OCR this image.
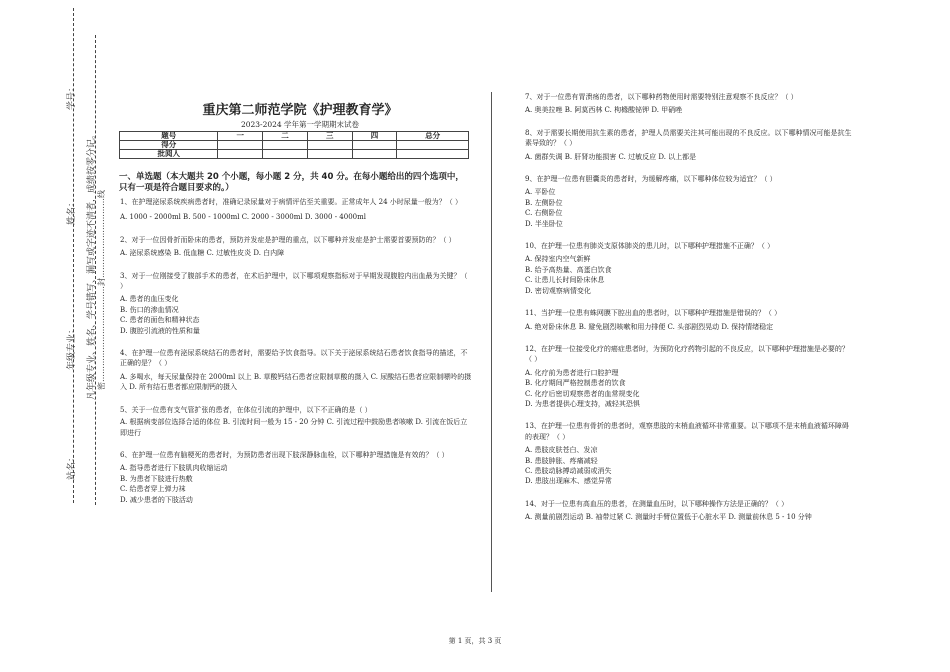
学号：
姓名：
年级专业：
站名：
凡年级专业、姓名、学号错写、漏写或字迹不清者，成绩按零分记。 密………………………………封…………………………线
重庆第二师范学院《护理教育学》
2023-2024 学年第一学期期末试卷
题号	一	二	三	四	总分
得分					
批阅人					
一、单选题（本大题共 20 个小题，每小题 2 分，共 40 分。在每小题给出的四个选项中，只有一项是符合题目要求的。）

1、在护理泌尿系统疾病患者时，准确记录尿量对于病情评估至关重要。正常成年人 24 小时尿量一般为？（ ）

A. 1000 - 2000ml B. 500 - 1000ml C. 2000 - 3000ml D. 3000 - 4000ml

2、对于一位因骨折而卧床的患者，预防并发症是护理的重点，以下哪种并发症是护士需要首要预防的？（ ）

A. 泌尿系统感染 B. 低血糖 C. 过敏性皮炎 D. 白内障

3、对于一位刚接受了腹部手术的患者，在术后护理中，以下哪项观察指标对于早期发现腹腔内出血最为关键？（ ）

A. 患者的血压变化

B. 伤口的渗血情况

C. 患者的面色和精神状态

D. 腹腔引流液的性质和量

4、在护理一位患有泌尿系统结石的患者时，需要给予饮食指导。以下关于泌尿系统结石患者饮食指导的描述，不正确的是？（ ）

A. 多喝水，每天尿量保持在 2000ml 以上 B. 草酸钙结石患者应限制草酸的摄入 C. 尿酸结石患者应限制嘌呤的摄入 D. 所有结石患者都应限制钙的摄入

5、关于一位患有支气管扩张的患者，在体位引流的护理中，以下不正确的是（ ）

A. 根据病变部位选择合适的体位 B. 引流时间一般为 15 - 20 分钟 C. 引流过程中鼓励患者咳嗽 D. 引流在饭后立即进行

6、在护理一位患有脑梗死的患者时，为预防患者出现下肢深静脉血栓，以下哪种护理措施是有效的？（ ）

A. 指导患者进行下肢肌肉收缩运动

B. 为患者下肢进行热敷

C. 给患者穿上弹力袜

D. 减少患者的下肢活动

7、对于一位患有胃溃疡的患者，以下哪种药物使用时需要特别注意观察不良反应？（ ）

A. 奥美拉唑 B. 阿莫西林 C. 枸橼酸铋钾 D. 甲硝唑

8、对于需要长期使用抗生素的患者，护理人员需要关注其可能出现的不良反应。以下哪种情况可能是抗生素导致的？（ ）

A. 菌群失调 B. 肝肾功能损害 C. 过敏反应 D. 以上都是

9、在护理一位患有胆囊炎的患者时，为缓解疼痛，以下哪种体位较为适宜？（ ）

A. 平卧位

B. 左侧卧位

C. 右侧卧位

D. 半坐卧位

10、在护理一位患有肺炎支原体肺炎的患儿时，以下哪种护理措施不正确？（ ）

A. 保持室内空气新鲜

B. 给予高热量、高蛋白饮食

C. 让患儿长时间卧床休息

D. 密切观察病情变化

11、当护理一位患有蛛网膜下腔出血的患者时，以下哪种护理措施是错误的？（ ）

A. 绝对卧床休息 B. 避免剧烈咳嗽和用力排便 C. 头部剧烈晃动 D. 保持情绪稳定

12、在护理一位接受化疗的癌症患者时，为预防化疗药物引起的不良反应，以下哪种护理措施是必要的？（ ）

A. 化疗前为患者进行口腔护理

B. 化疗期间严格控制患者的饮食

C. 化疗后密切观察患者的血常规变化

D. 为患者提供心理支持，减轻其恐惧

13、在护理一位患有骨折的患者时，观察患肢的末梢血液循环非常重要。以下哪项不是末梢血液循环障碍的表现？（ ）

A. 患肢皮肤苍白、发凉

B. 患肢肿胀、疼痛减轻

C. 患肢动脉搏动减弱或消失

D. 患肢出现麻木、感觉异常

14、对于一位患有高血压的患者，在测量血压时，以下哪种操作方法是正确的？（ ）

A. 测量前剧烈运动 B. 袖带过紧 C. 测量时手臂位置低于心脏水平 D. 测量前休息 5 - 10 分钟

第 1 页，共 3 页
